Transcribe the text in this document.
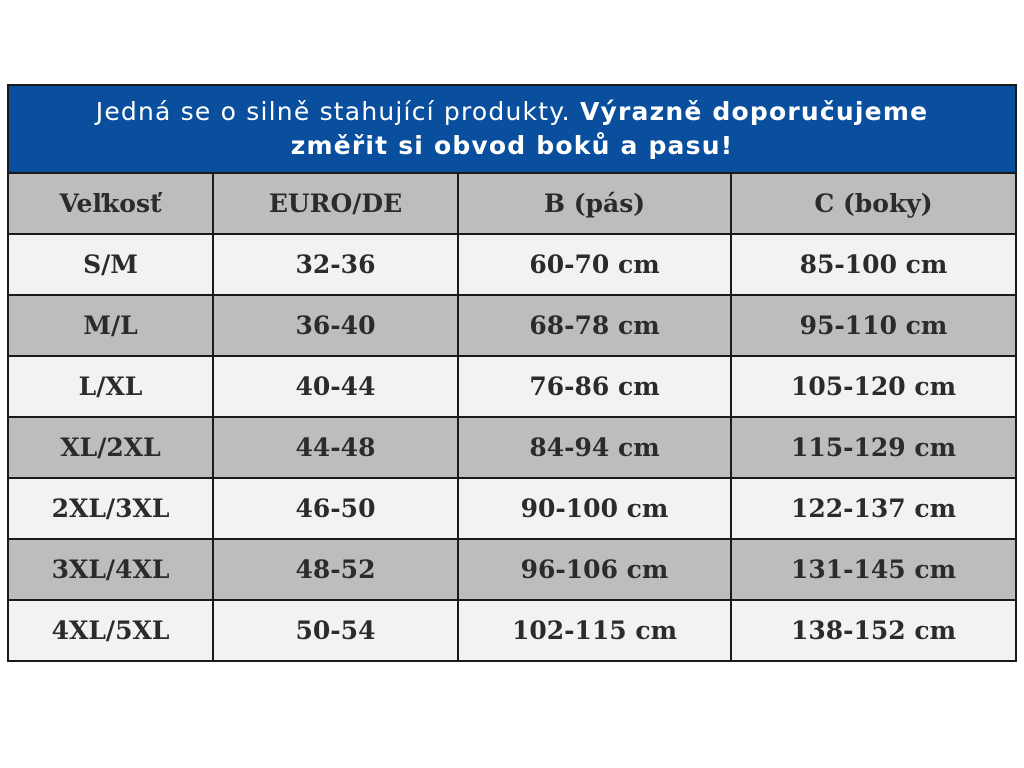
Jedná se o silně stahující produkty. Výrazně doporučujeme
změřit si obvod boků a pasu!
Veľkosť	EURO/DE	B (pás)	C (boky)
S/M	32-36	60-70 cm	85-100 cm
M/L	36-40	68-78 cm	95-110 cm
L/XL	40-44	76-86 cm	105-120 cm
XL/2XL	44-48	84-94 cm	115-129 cm
2XL/3XL	46-50	90-100 cm	122-137 cm
3XL/4XL	48-52	96-106 cm	131-145 cm
4XL/5XL	50-54	102-115 cm	138-152 cm
